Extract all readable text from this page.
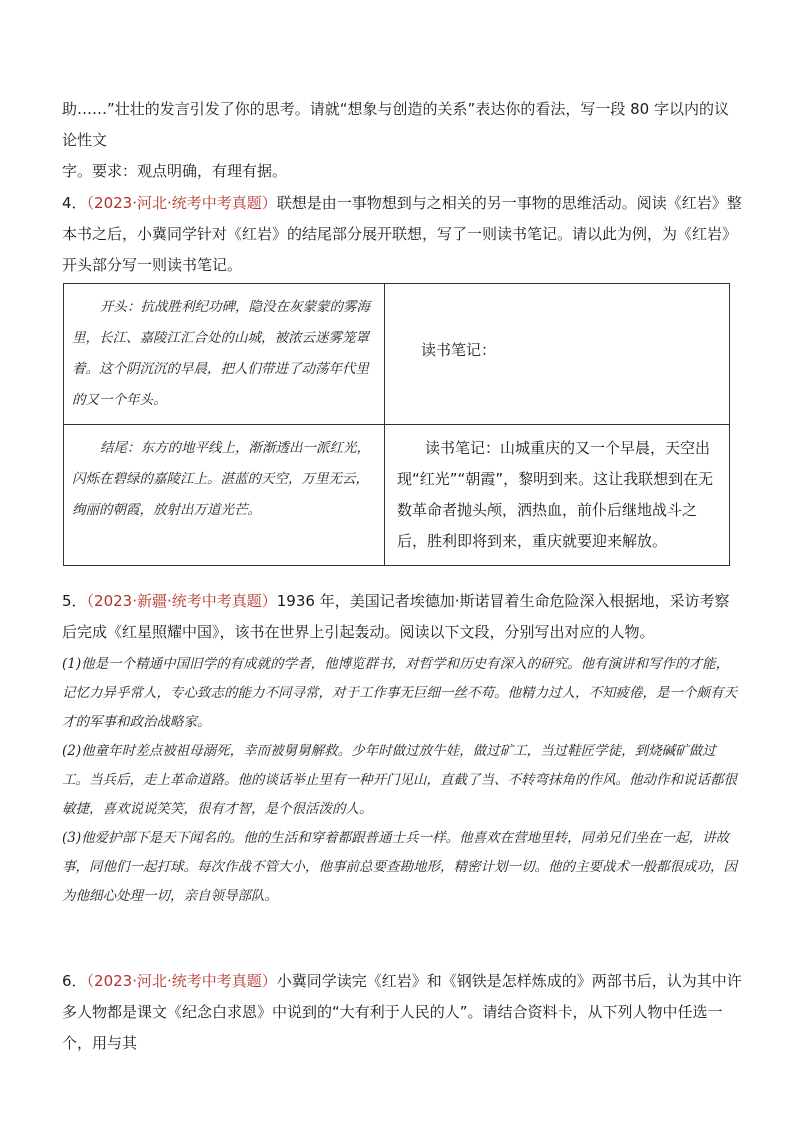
助……”壮壮的发言引发了你的思考。请就“想象与创造的关系”表达你的看法，写一段 80 字以内的议论性文
字。要求：观点明确，有理有据。

4．（2023·河北·统考中考真题）联想是由一事物想到与之相关的另一事物的思维活动。阅读《红岩》整本书之后，小冀同学针对《红岩》的结尾部分展开联想，写了一则读书笔记。请以此为例，为《红岩》开头部分写一则读书笔记。

开头：抗战胜利纪功碑，隐没在灰蒙蒙的雾海里，长江、嘉陵江汇合处的山城，被浓云迷雾笼罩着。这个阴沉沉的早晨，把人们带进了动荡年代里的又一个年头。	读书笔记：

结尾：东方的地平线上，渐渐透出一派红光，闪烁在碧绿的嘉陵江上。湛蓝的天空，万里无云，绚丽的朝霞，放射出万道光芒。	读书笔记：山城重庆的又一个早晨，天空出现“红光”“朝霞”，黎明到来。这让我联想到在无数革命者抛头颅，洒热血，前仆后继地战斗之后，胜利即将到来，重庆就要迎来解放。

5．（2023·新疆·统考中考真题）1936 年，美国记者埃德加·斯诺冒着生命危险深入根据地，采访考察后完成《红星照耀中国》，该书在世界上引起轰动。阅读以下文段，分别写出对应的人物。

(1)他是一个精通中国旧学的有成就的学者，他博览群书，对哲学和历史有深入的研究。他有演讲和写作的才能，记忆力异乎常人，专心致志的能力不同寻常，对于工作事无巨细一丝不苟。他精力过人，不知疲倦，是一个颇有天才的军事和政治战略家。
(2)他童年时差点被祖母溺死，幸而被舅舅解救。少年时做过放牛娃，做过矿工，当过鞋匠学徒，到烧碱矿做过工。当兵后，走上革命道路。他的谈话举止里有一种开门见山，直截了当、不转弯抹角的作风。他动作和说话都很敏捷，喜欢说说笑笑，很有才智，是个很活泼的人。
(3)他爱护部下是天下闻名的。他的生活和穿着都跟普通士兵一样。他喜欢在营地里转，同弟兄们坐在一起，讲故事，同他们一起打球。每次作战不管大小，他事前总要查勘地形，精密计划一切。他的主要战术一般都很成功，因为他细心处理一切，亲自领导部队。

6．（2023·河北·统考中考真题）小冀同学读完《红岩》和《钢铁是怎样炼成的》两部书后，认为其中许多人物都是课文《纪念白求恩》中说到的“大有利于人民的人”。请结合资料卡，从下列人物中任选一个，用与其
